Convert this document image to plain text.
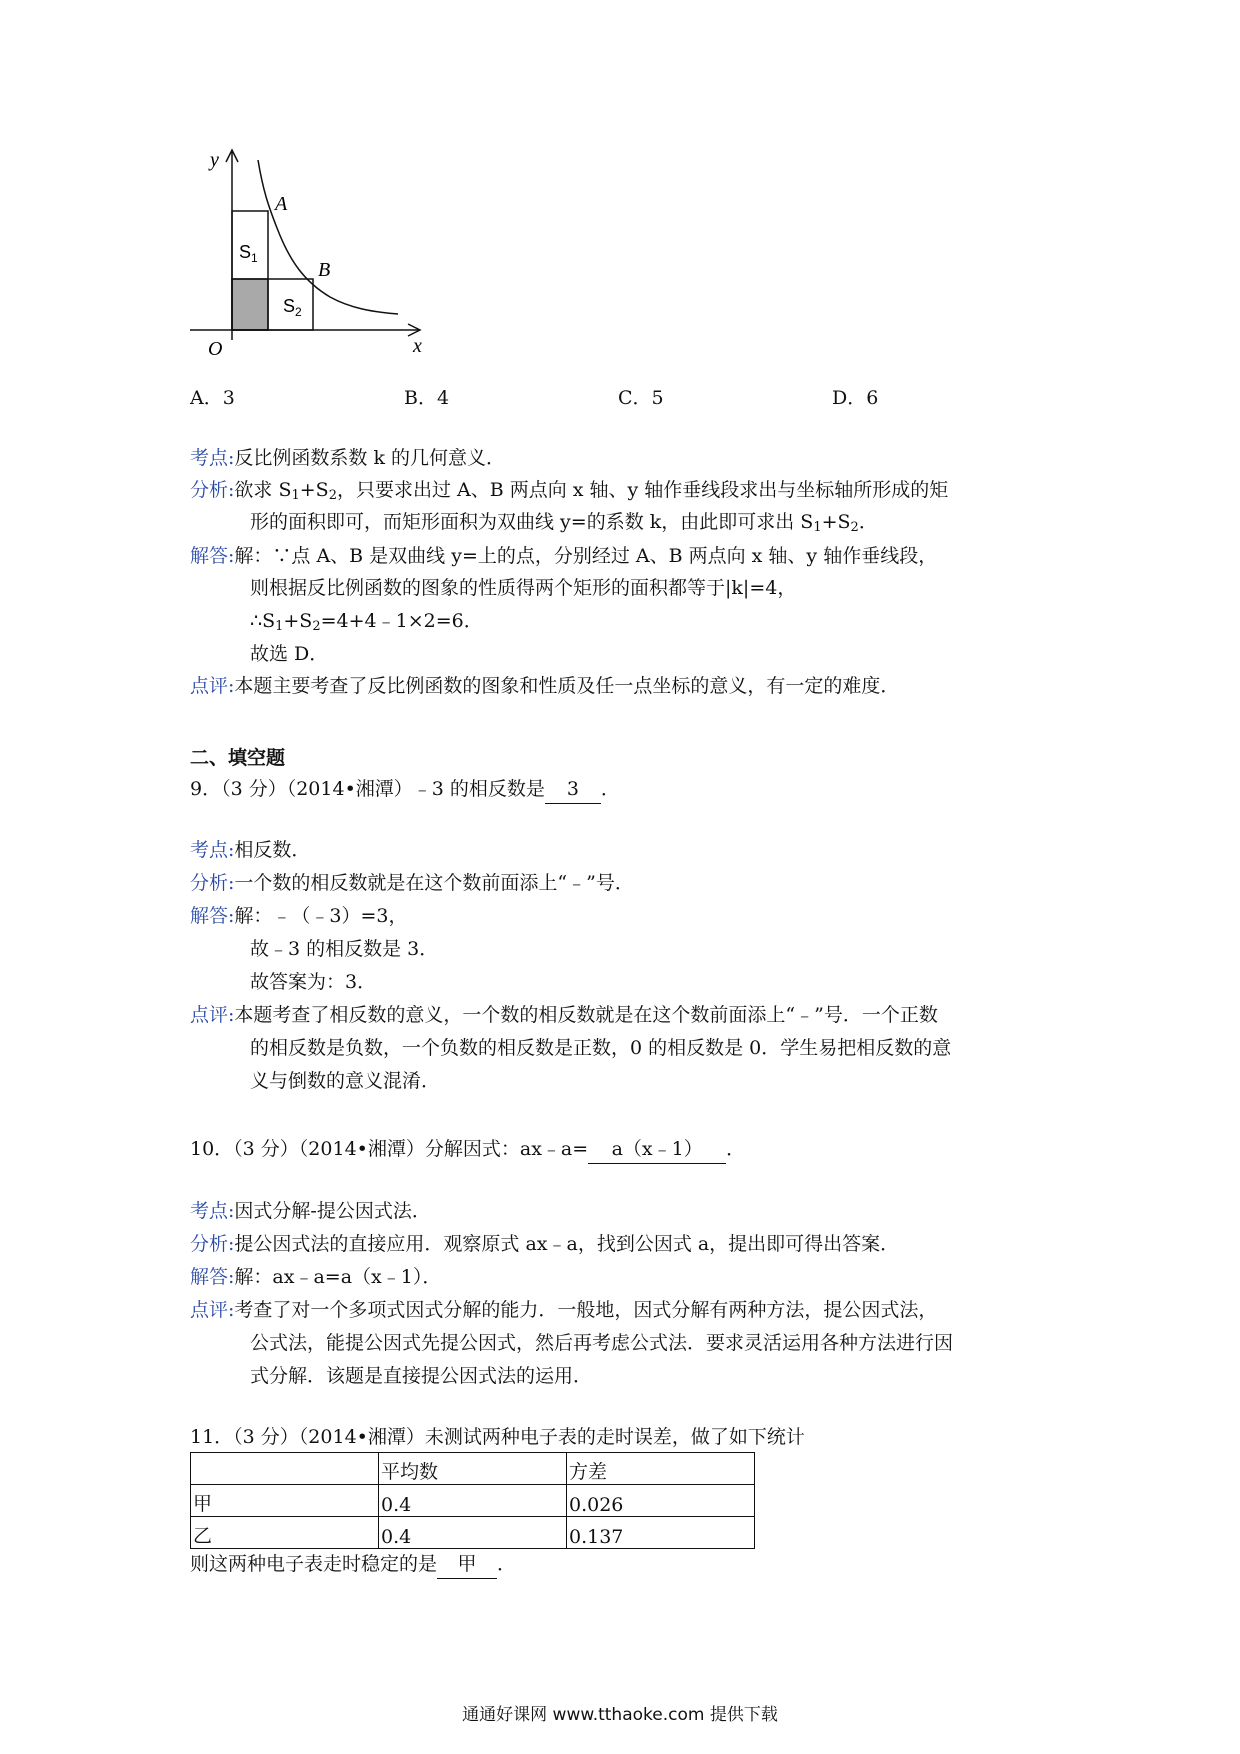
y
x
O
A
B
$S_1$
$S_2$
A．3	B．4	C．5	D．6
考点:反比例函数系数 k 的几何意义．
分析:欲求 $S_1+S_2$，只要求出过 A、B 两点向 x 轴、y 轴作垂线段求出与坐标轴所形成的矩
形的面积即可，而矩形面积为双曲线 y=的系数 k，由此即可求出 $S_1+S_2$．
解答:解：∵点 A、B 是双曲线 y=上的点，分别经过 A、B 两点向 x 轴、y 轴作垂线段，
则根据反比例函数的图象的性质得两个矩形的面积都等于|k|=4，
$\therefore S_1+S_2=4+4﹣1\times 2=6$．
故选 D．
点评:本题主要考查了反比例函数的图象和性质及任一点坐标的意义，有一定的难度．
二、填空题
9．（3 分）（2014•湘潭）﹣3 的相反数是 3 ．
考点:相反数．
分析:一个数的相反数就是在这个数前面添上“﹣”号．
解答:解：﹣（﹣3）=3，
故﹣3 的相反数是 3．
故答案为：3．
点评:本题考查了相反数的意义，一个数的相反数就是在这个数前面添上“﹣”号．一个正数
的相反数是负数，一个负数的相反数是正数，0 的相反数是 0．学生易把相反数的意
义与倒数的意义混淆．
10．（3 分）（2014•湘潭）分解因式：ax﹣a= a（x﹣1） ．
考点:因式分解-提公因式法．
分析:提公因式法的直接应用．观察原式 ax﹣a，找到公因式 a，提出即可得出答案．
解答:解：ax﹣a=a（x﹣1）．
点评:考查了对一个多项式因式分解的能力．一般地，因式分解有两种方法，提公因式法，
公式法，能提公因式先提公因式，然后再考虑公式法．要求灵活运用各种方法进行因
式分解．该题是直接提公因式法的运用．
11．（3 分）（2014•湘潭）未测试两种电子表的走时误差，做了如下统计
	平均数	方差
甲	0.4	0.026
乙	0.4	0.137
则这两种电子表走时稳定的是 甲 ．
通通好课网 www.tthaoke.com 提供下载
